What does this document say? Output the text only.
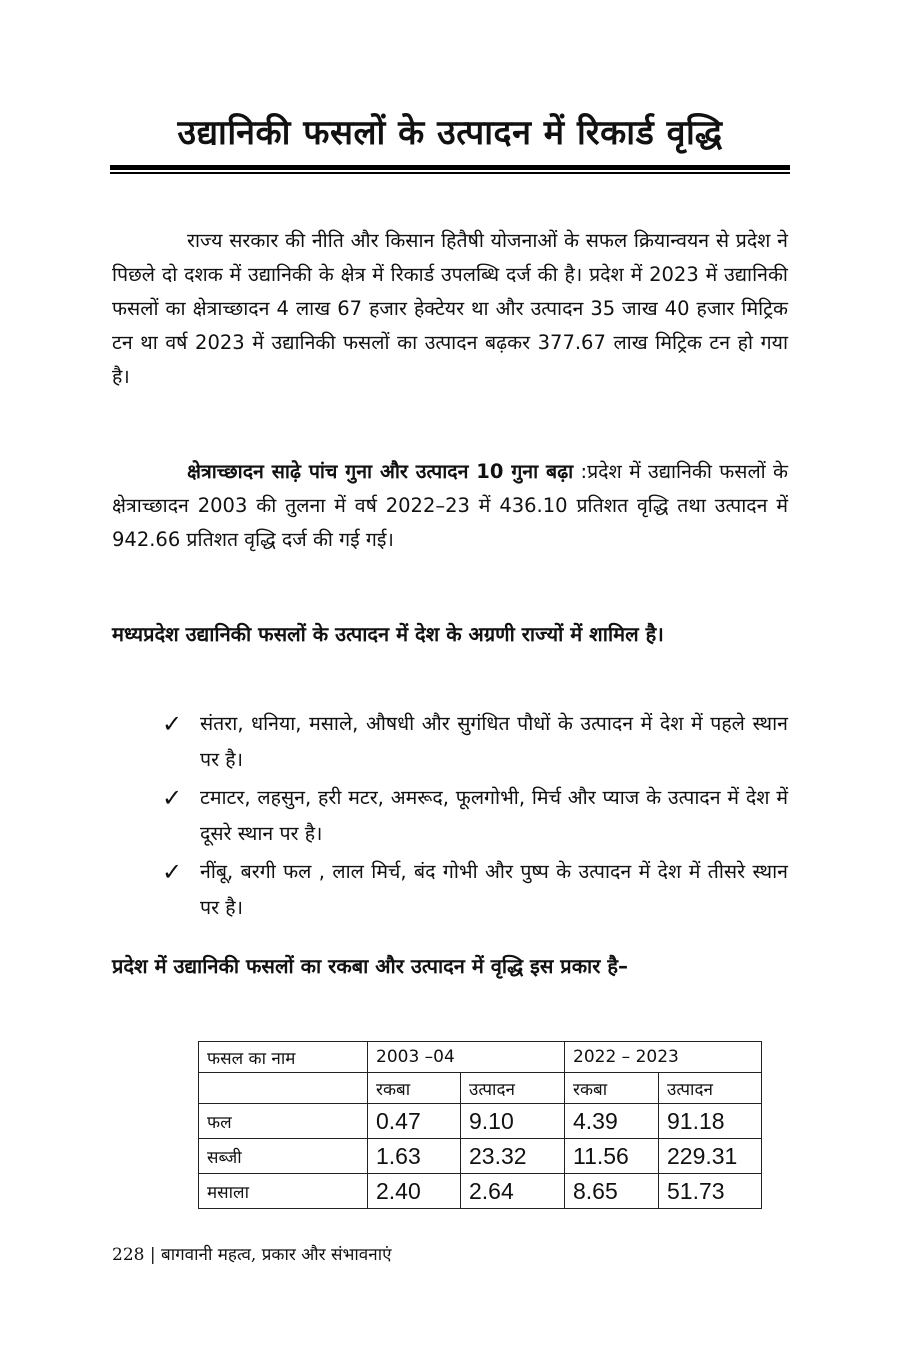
उद्यानिकी फसलों के उत्पादन में रिकार्ड वृद्धि

राज्य सरकार की नीति और किसान हितैषी योजनाओं के सफल क्रियान्वयन से प्रदेश ने पिछले दो दशक में उद्यानिकी के क्षेत्र में रिकार्ड उपलब्धि दर्ज की है। प्रदेश में 2023 में उद्यानिकी फसलों का क्षेत्राच्छादन 4 लाख 67 हजार हेक्टेयर था और उत्पादन 35 जाख 40 हजार मिट्रिक टन था वर्ष 2023 में उद्यानिकी फसलों का उत्पादन बढ़कर 377.67 लाख मिट्रिक टन हो गया है।

क्षेत्राच्छादन साढ़े पांच गुना और उत्पादन 10 गुना बढ़ा :प्रदेश में उद्यानिकी फसलों के क्षेत्राच्छादन 2003 की तुलना में वर्ष 2022–23 में 436.10 प्रतिशत वृद्धि तथा उत्पादन में 942.66 प्रतिशत वृद्धि दर्ज की गई गई।

मध्यप्रदेश उद्यानिकी फसलों के उत्पादन में देश के अग्रणी राज्यों में शामिल है।
✓ संतरा, धनिया, मसाले, औषधी और सुगंधित पौधों के उत्पादन में देश में पहले स्थान पर है।
✓ टमाटर, लहसुन, हरी मटर, अमरूद, फूलगोभी, मिर्च और प्याज के उत्पादन में देश में दूसरे स्थान पर है।
✓ नींबू, बरगी फल , लाल मिर्च, बंद गोभी और पुष्प के उत्पादन में देश में तीसरे स्थान पर है।
प्रदेश में उद्यानिकी फसलों का रकबा और उत्पादन में वृद्धि इस प्रकार है–
फसल का नाम	2003 –04		2022 – 2023	
	रकबा	उत्पादन	रकबा	उत्पादन
फल	0.47	9.10	4.39	91.18
सब्जी	1.63	23.32	11.56	229.31
मसाला	2.40	2.64	8.65	51.73
228 | बागवानी महत्व, प्रकार और संभावनाएं
